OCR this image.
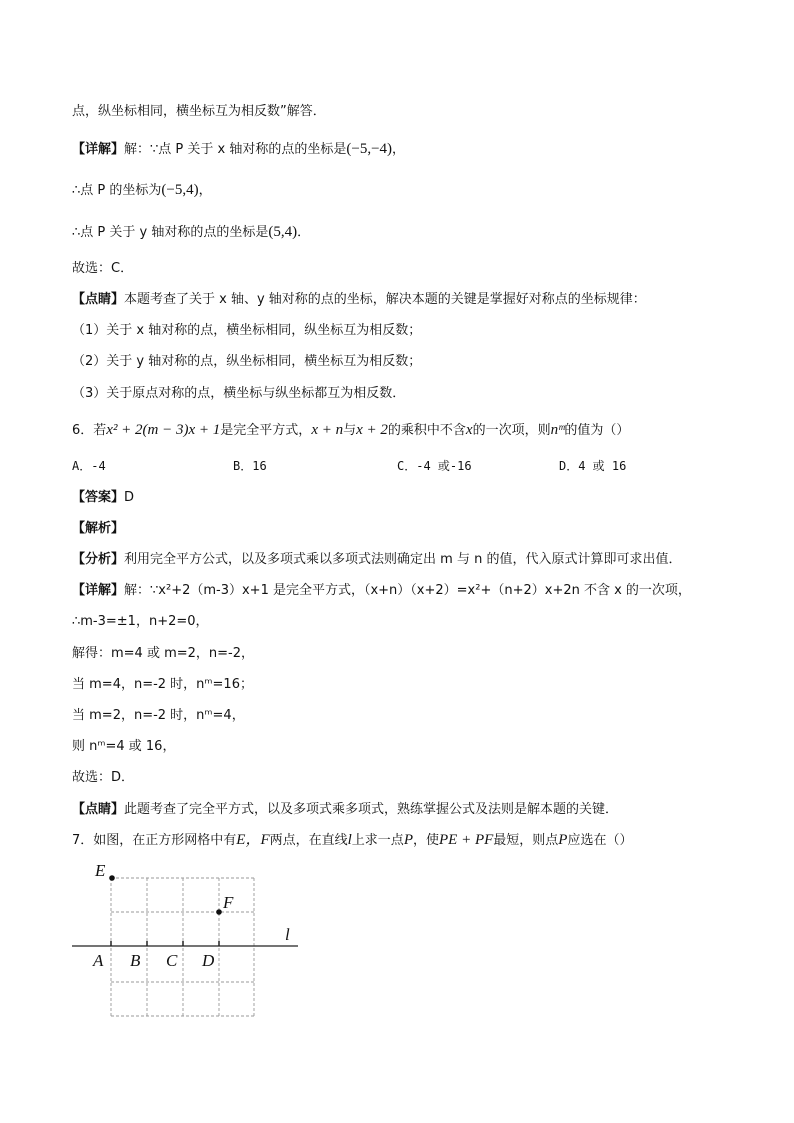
点，纵坐标相同，横坐标互为相反数”解答．
【详解】解：∵点 P 关于 x 轴对称的点的坐标是(−5,−4)，
∴点 P 的坐标为(−5,4)，
∴点 P 关于 y 轴对称的点的坐标是(5,4)．
故选：C．
【点睛】本题考查了关于 x 轴、y 轴对称的点的坐标，解决本题的关键是掌握好对称点的坐标规律：
（1）关于 x 轴对称的点，横坐标相同，纵坐标互为相反数；
（2）关于 y 轴对称的点，纵坐标相同，横坐标互为相反数；
（3）关于原点对称的点，横坐标与纵坐标都互为相反数．
6．若x² + 2(m − 3)x + 1是完全平方式，x + n与x + 2的乘积中不含x的一次项，则nᵐ的值为（）
A．-4	B．16	C．-4 或-16	D．4 或 16
【答案】D
【解析】
【分析】利用完全平方公式，以及多项式乘以多项式法则确定出 m 与 n 的值，代入原式计算即可求出值．
【详解】解：∵x²+2（m-3）x+1 是完全平方式，（x+n）（x+2）=x²+（n+2）x+2n 不含 x 的一次项，
∴m-3=±1，n+2=0，
解得：m=4 或 m=2，n=-2，
当 m=4，n=-2 时，nᵐ=16；
当 m=2，n=-2 时，nᵐ=4，
则 nᵐ=4 或 16，
故选：D．
【点睛】此题考查了完全平方式，以及多项式乘多项式，熟练掌握公式及法则是解本题的关键．
7．如图，在正方形网格中有E，F两点，在直线l上求一点P，使PE + PF最短，则点P应选在（）
E
F
l
A B C D
